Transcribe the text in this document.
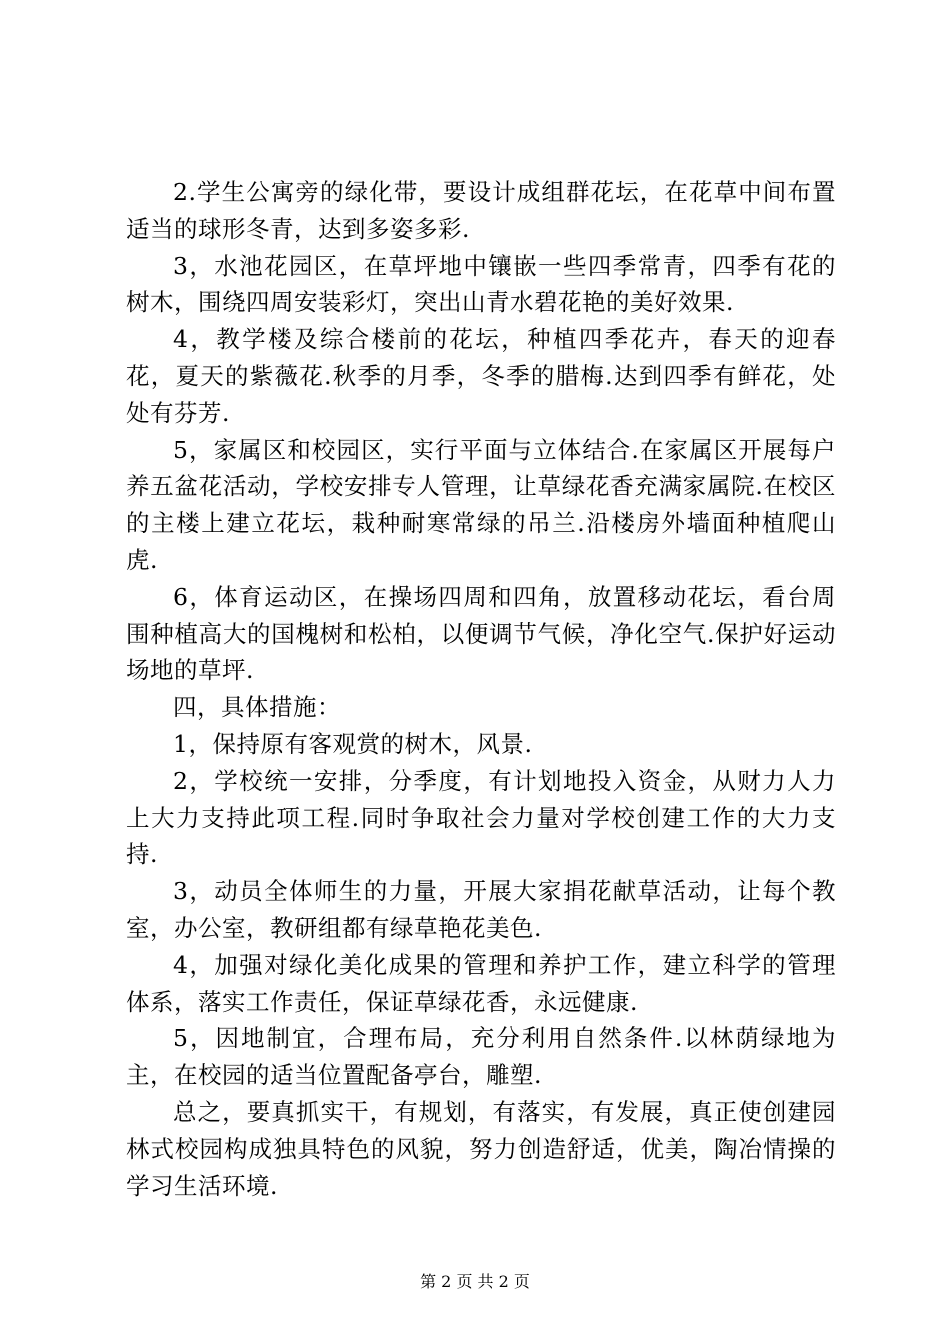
2.学生公寓旁的绿化带，要设计成组群花坛，在花草中间布置适当的球形冬青，达到多姿多彩.

3，水池花园区，在草坪地中镶嵌一些四季常青，四季有花的树木，围绕四周安装彩灯，突出山青水碧花艳的美好效果.

4，教学楼及综合楼前的花坛，种植四季花卉，春天的迎春花，夏天的紫薇花.秋季的月季，冬季的腊梅.达到四季有鲜花，处处有芬芳.

5，家属区和校园区，实行平面与立体结合.在家属区开展每户养五盆花活动，学校安排专人管理，让草绿花香充满家属院.在校区的主楼上建立花坛，栽种耐寒常绿的吊兰.沿楼房外墙面种植爬山虎.

6，体育运动区，在操场四周和四角，放置移动花坛，看台周围种植高大的国槐树和松柏，以便调节气候，净化空气.保护好运动场地的草坪.

四，具体措施：

1，保持原有客观赏的树木，风景.

2，学校统一安排，分季度，有计划地投入资金，从财力人力上大力支持此项工程.同时争取社会力量对学校创建工作的大力支持.

3，动员全体师生的力量，开展大家捐花献草活动，让每个教室，办公室，教研组都有绿草艳花美色.

4，加强对绿化美化成果的管理和养护工作，建立科学的管理体系，落实工作责任，保证草绿花香，永远健康.

5，因地制宜，合理布局，充分利用自然条件.以林荫绿地为主，在校园的适当位置配备亭台，雕塑.

总之，要真抓实干，有规划，有落实，有发展，真正使创建园林式校园构成独具特色的风貌，努力创造舒适，优美，陶冶情操的学习生活环境.

第 2 页 共 2 页
